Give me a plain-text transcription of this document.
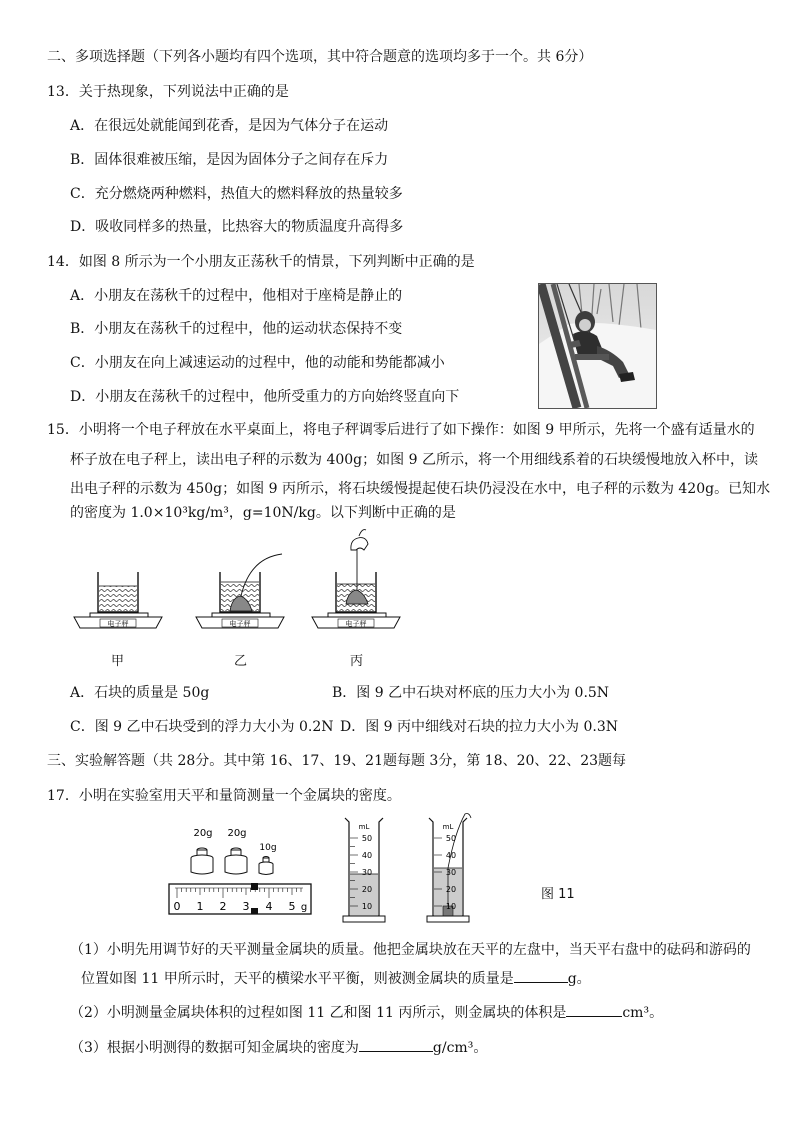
二、多项选择题（下列各小题均有四个选项，其中符合题意的选项均多于一个。共 6分）
13．关于热现象，下列说法中正确的是
A．在很远处就能闻到花香，是因为气体分子在运动
B．固体很难被压缩，是因为固体分子之间存在斥力
C．充分燃烧两种燃料，热值大的燃料释放的热量较多
D．吸收同样多的热量，比热容大的物质温度升高得多
14．如图 8 所示为一个小朋友正荡秋千的情景，下列判断中正确的是
A．小朋友在荡秋千的过程中，他相对于座椅是静止的
B．小朋友在荡秋千的过程中，他的运动状态保持不变
C．小朋友在向上减速运动的过程中，他的动能和势能都减小
D．小朋友在荡秋千的过程中，他所受重力的方向始终竖直向下
15．小明将一个电子秤放在水平桌面上，将电子秤调零后进行了如下操作：如图 9 甲所示，先将一个盛有适量水的
杯子放在电子秤上，读出电子秤的示数为 400g；如图 9 乙所示，将一个用细线系着的石块缓慢地放入杯中，读
出电子秤的示数为 450g；如图 9 丙所示，将石块缓慢提起使石块仍浸没在水中，电子秤的示数为 420g。已知水
的密度为 1.0×10³kg/m³，g=10N/kg。以下判断中正确的是
电子秤	电子秤	电子秤
甲	乙	丙
A．石块的质量是 50g	B．图 9 乙中石块对杯底的压力大小为 0.5N
C．图 9 乙中石块受到的浮力大小为 0.2N D．图 9 丙中细线对石块的拉力大小为 0.3N
三、实验解答题（共 28分。其中第 16、17、19、21题每题 3分，第 18、20、22、23题每
17．小明在实验室用天平和量筒测量一个金属块的密度。
20g 20g
10g
0 1 2 3 4 5 g
mL
50
40
30
20
10
mL
50
40
30
20
10
图 11
（1）小明先用调节好的天平测量金属块的质量。他把金属块放在天平的左盘中，当天平右盘中的砝码和游码的
位置如图 11 甲所示时，天平的横梁水平平衡，则被测金属块的质量是	g。
（2）小明测量金属块体积的过程如图 11 乙和图 11 丙所示，则金属块的体积是	cm³。
（3）根据小明测得的数据可知金属块的密度为	g/cm³。
